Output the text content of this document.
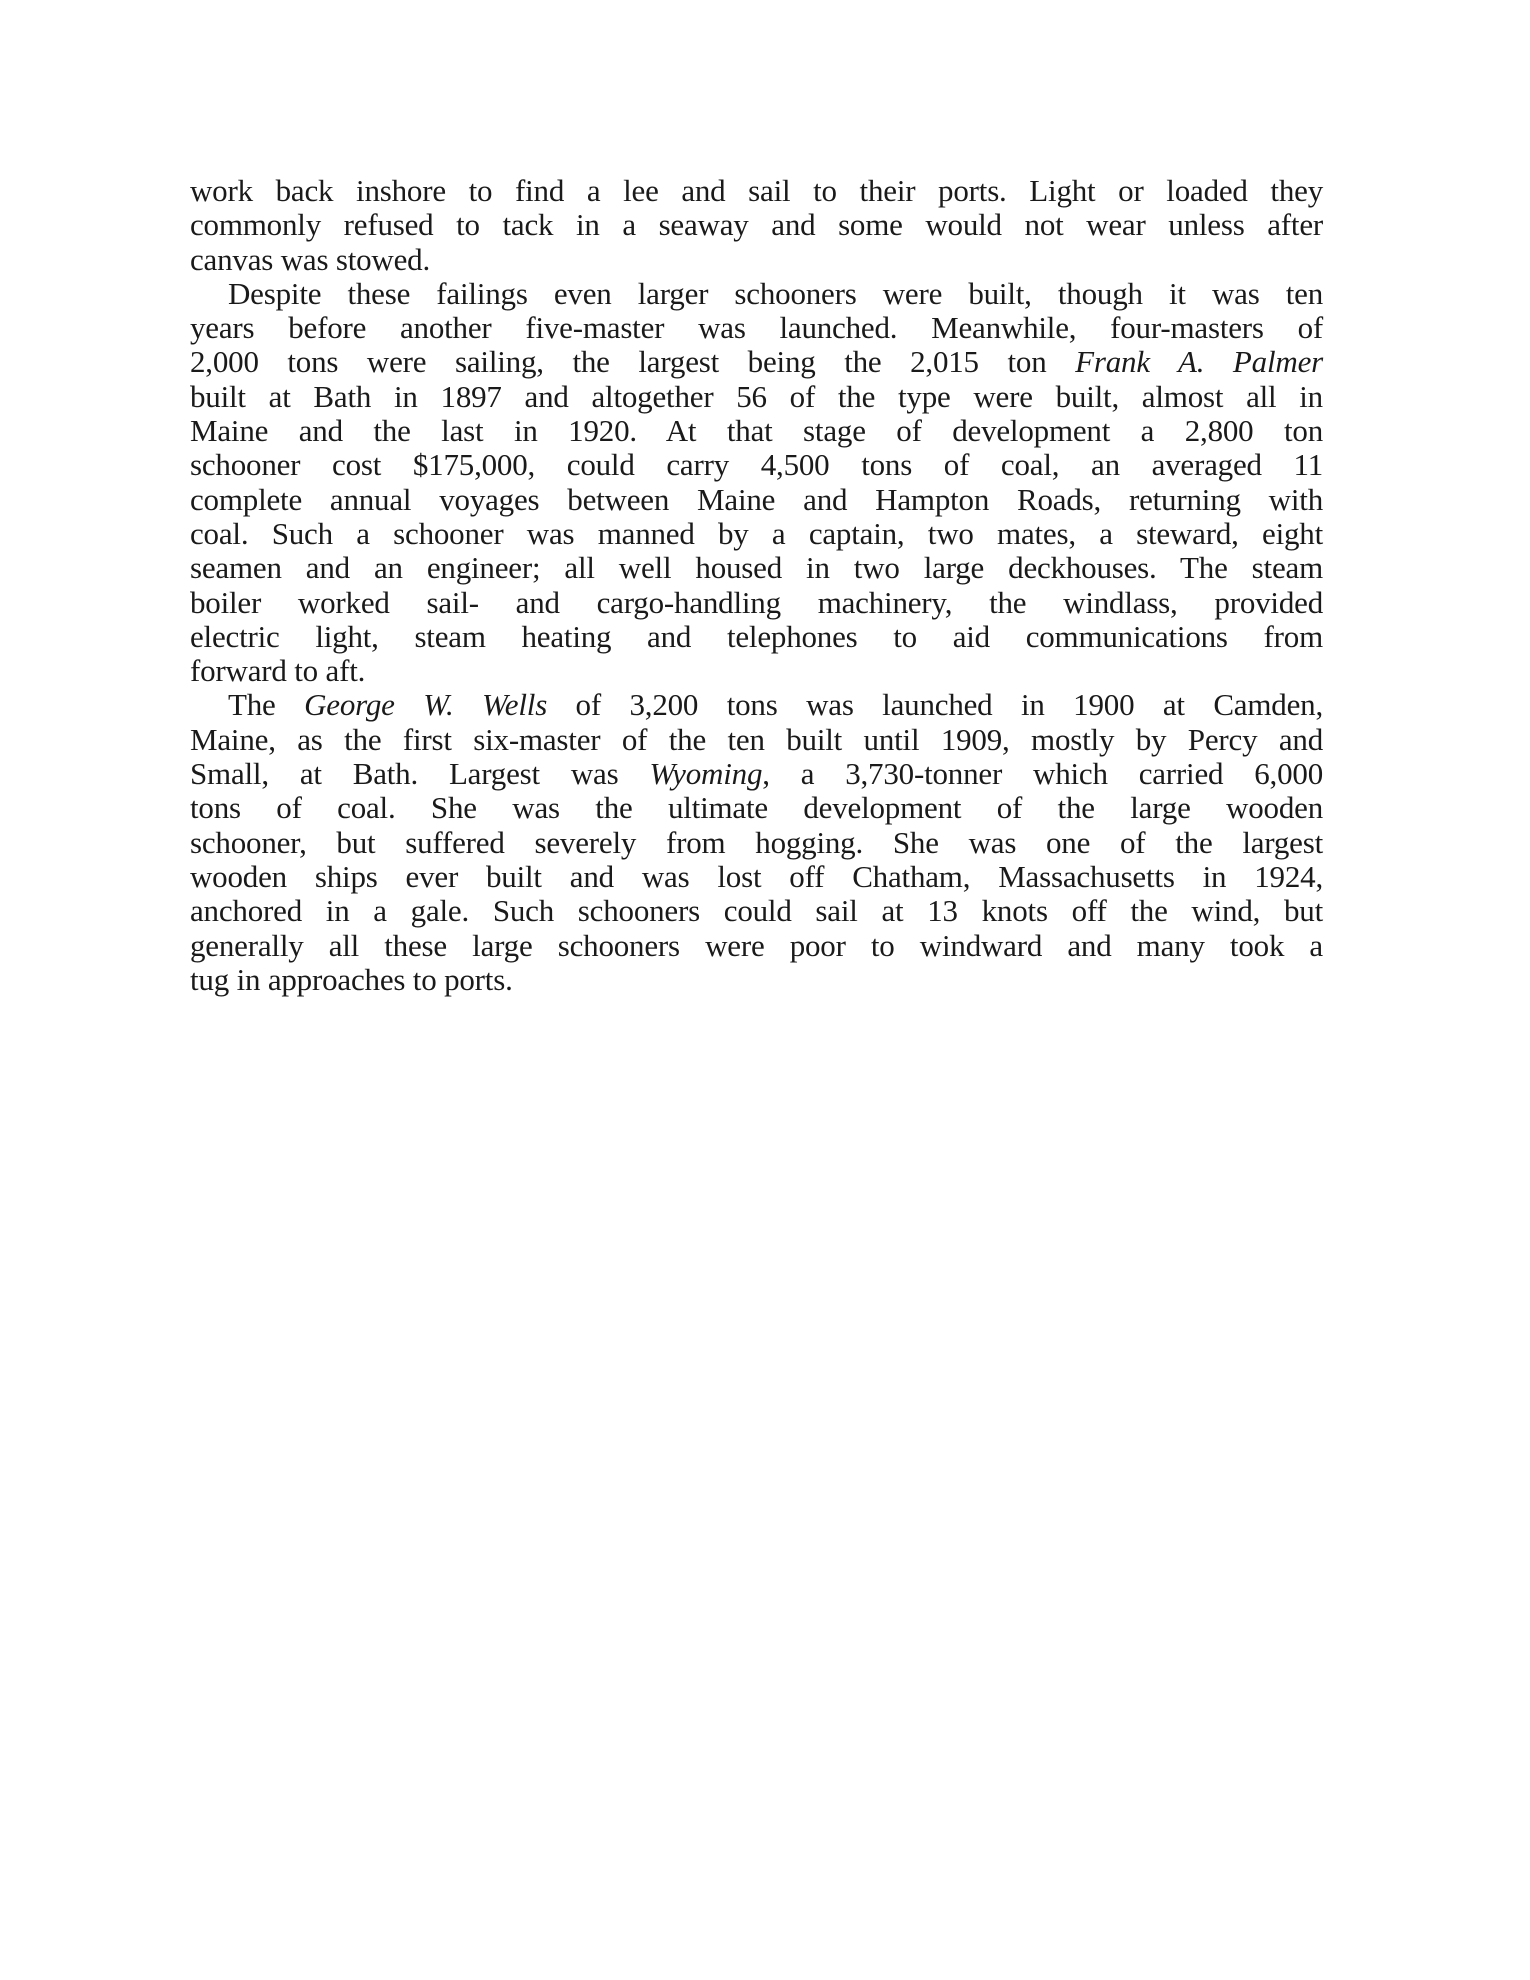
work back inshore to find a lee and sail to their ports. Light or loaded they
commonly refused to tack in a seaway and some would not wear unless after
canvas was stowed.
Despite these failings even larger schooners were built, though it was ten
years before another five-master was launched. Meanwhile, four-masters of
2,000 tons were sailing, the largest being the 2,015 ton Frank A. Palmer
built at Bath in 1897 and altogether 56 of the type were built, almost all in
Maine and the last in 1920. At that stage of development a 2,800 ton
schooner cost $175,000, could carry 4,500 tons of coal, an averaged 11
complete annual voyages between Maine and Hampton Roads, returning with
coal. Such a schooner was manned by a captain, two mates, a steward, eight
seamen and an engineer; all well housed in two large deckhouses. The steam
boiler worked sail- and cargo-handling machinery, the windlass, provided
electric light, steam heating and telephones to aid communications from
forward to aft.
The George W. Wells of 3,200 tons was launched in 1900 at Camden,
Maine, as the first six-master of the ten built until 1909, mostly by Percy and
Small, at Bath. Largest was Wyoming, a 3,730-tonner which carried 6,000
tons of coal. She was the ultimate development of the large wooden
schooner, but suffered severely from hogging. She was one of the largest
wooden ships ever built and was lost off Chatham, Massachusetts in 1924,
anchored in a gale. Such schooners could sail at 13 knots off the wind, but
generally all these large schooners were poor to windward and many took a
tug in approaches to ports.
